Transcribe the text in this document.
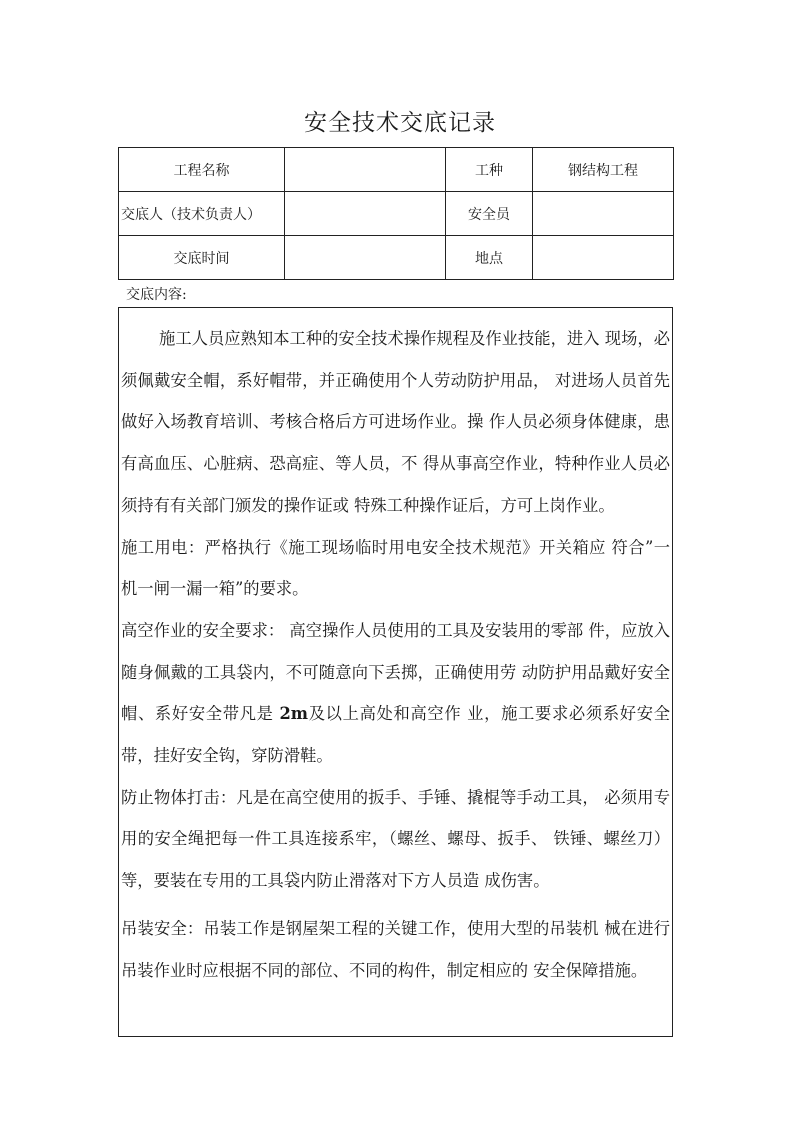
安全技术交底记录
工程名称		工种	钢结构工程
交底人（技术负责人）		安全员	
交底时间		地点	
交底内容:

施工人员应熟知本工种的安全技术操作规程及作业技能，进入 现场，必须佩戴安全帽，系好帽带，并正确使用个人劳动防护用品， 对进场人员首先做好入场教育培训、考核合格后方可进场作业。操 作人员必须身体健康，患有高血压、心脏病、恐高症、等人员，不 得从事高空作业，特种作业人员必须持有有关部门颁发的操作证或 特殊工种操作证后，方可上岗作业。

施工用电：严格执行《施工现场临时用电安全技术规范》开关箱应 符合”一机一闸一漏一箱”的要求。

高空作业的安全要求： 高空操作人员使用的工具及安装用的零部 件，应放入随身佩戴的工具袋内，不可随意向下丢掷，正确使用劳 动防护用品戴好安全帽、系好安全带凡是 2m及以上高处和高空作 业，施工要求必须系好安全带，挂好安全钩，穿防滑鞋。

防止物体打击：凡是在高空使用的扳手、手锤、撬棍等手动工具， 必须用专用的安全绳把每一件工具连接系牢，（螺丝、螺母、扳手、 铁锤、螺丝刀）等，要装在专用的工具袋内防止滑落对下方人员造 成伤害。

吊装安全：吊装工作是钢屋架工程的关键工作，使用大型的吊装机 械在进行吊装作业时应根据不同的部位、不同的构件，制定相应的 安全保障措施。
